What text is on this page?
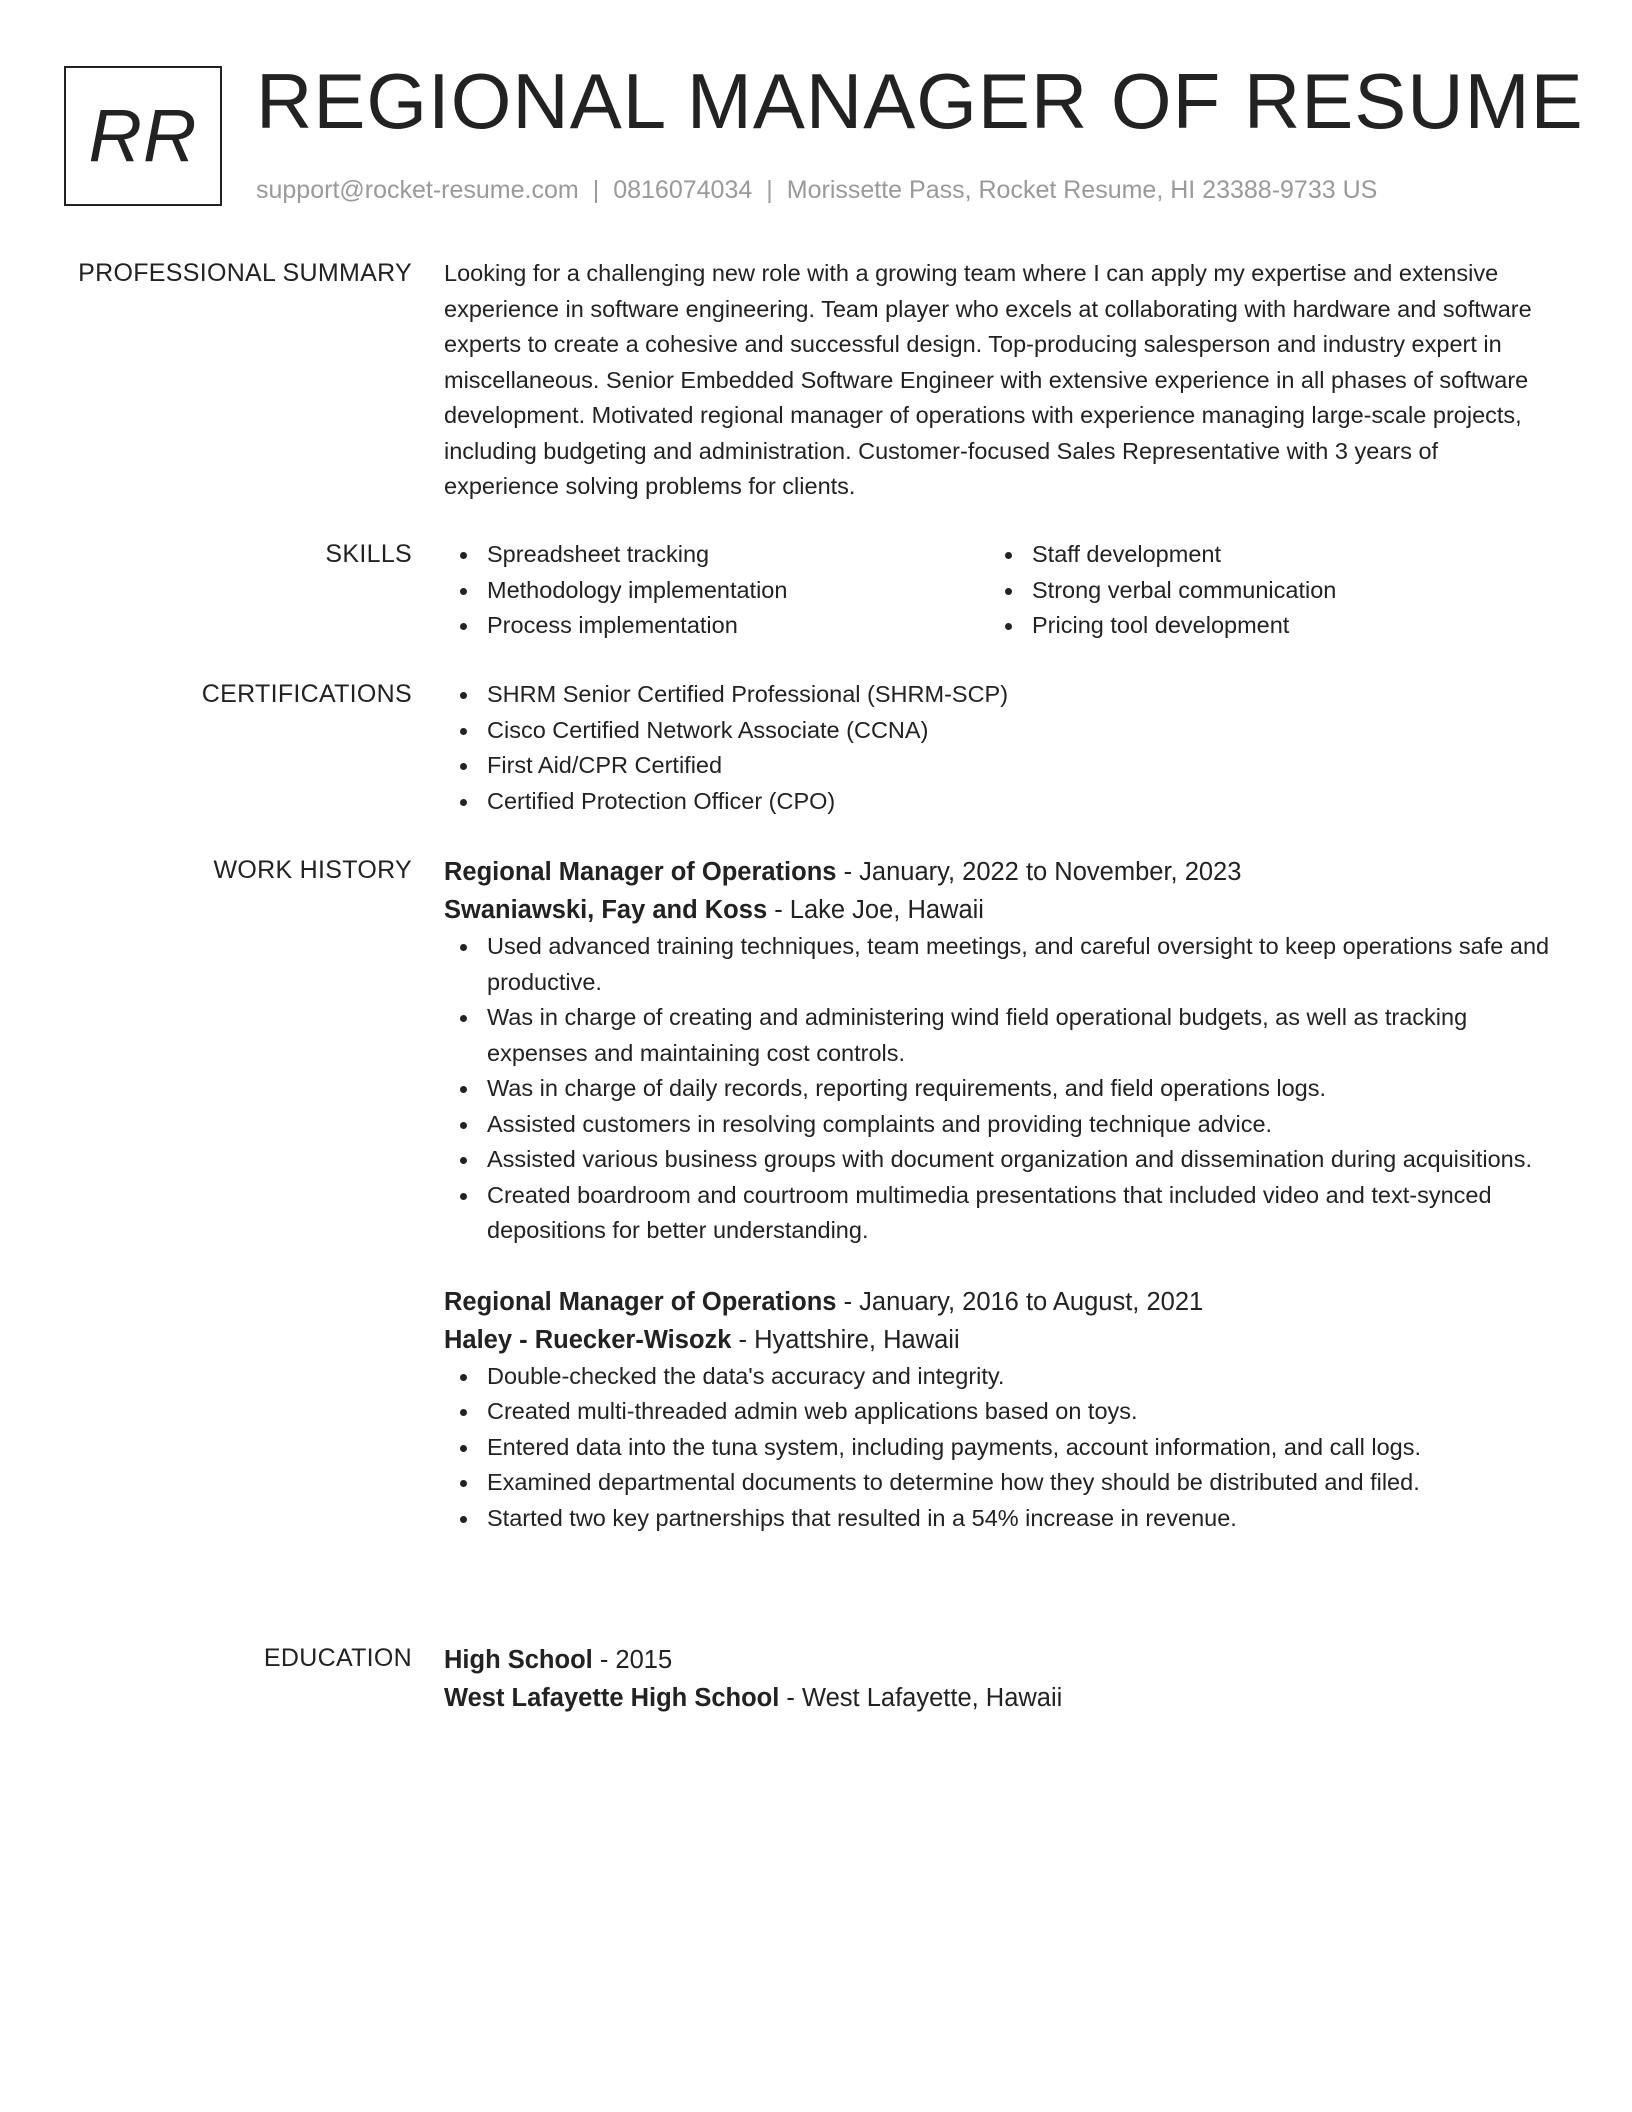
RR REGIONAL MANAGER OF RESUME
support@rocket-resume.com | 0816074034 | Morissette Pass, Rocket Resume, HI 23388-9733 US
PROFESSIONAL SUMMARY Looking for a challenging new role with a growing team where I can apply my expertise and extensive experience in software engineering. Team player who excels at collaborating with hardware and software experts to create a cohesive and successful design. Top-producing salesperson and industry expert in miscellaneous. Senior Embedded Software Engineer with extensive experience in all phases of software development. Motivated regional manager of operations with experience managing large-scale projects, including budgeting and administration. Customer-focused Sales Representative with 3 years of experience solving problems for clients.

SKILLS	Spreadsheet tracking
Methodology implementation
Process implementation
Staff development
Strong verbal communication
Pricing tool development
CERTIFICATIONS	SHRM Senior Certified Professional (SHRM-SCP)
Cisco Certified Network Associate (CCNA)
First Aid/CPR Certified
Certified Protection Officer (CPO)
WORK HISTORY Regional Manager of Operations - January, 2022 to November, 2023
Swaniawski, Fay and Koss - Lake Joe, Hawaii
Used advanced training techniques, team meetings, and careful oversight to keep operations safe and productive.
Was in charge of creating and administering wind field operational budgets, as well as tracking expenses and maintaining cost controls.
Was in charge of daily records, reporting requirements, and field operations logs.
Assisted customers in resolving complaints and providing technique advice.
Assisted various business groups with document organization and dissemination during acquisitions.
Created boardroom and courtroom multimedia presentations that included video and text-synced depositions for better understanding.
Regional Manager of Operations - January, 2016 to August, 2021
Haley - Ruecker-Wisozk - Hyattshire, Hawaii
Double-checked the data's accuracy and integrity.
Created multi-threaded admin web applications based on toys.
Entered data into the tuna system, including payments, account information, and call logs.
Examined departmental documents to determine how they should be distributed and filed.
Started two key partnerships that resulted in a 54% increase in revenue.
EDUCATION High School - 2015
West Lafayette High School - West Lafayette, Hawaii
